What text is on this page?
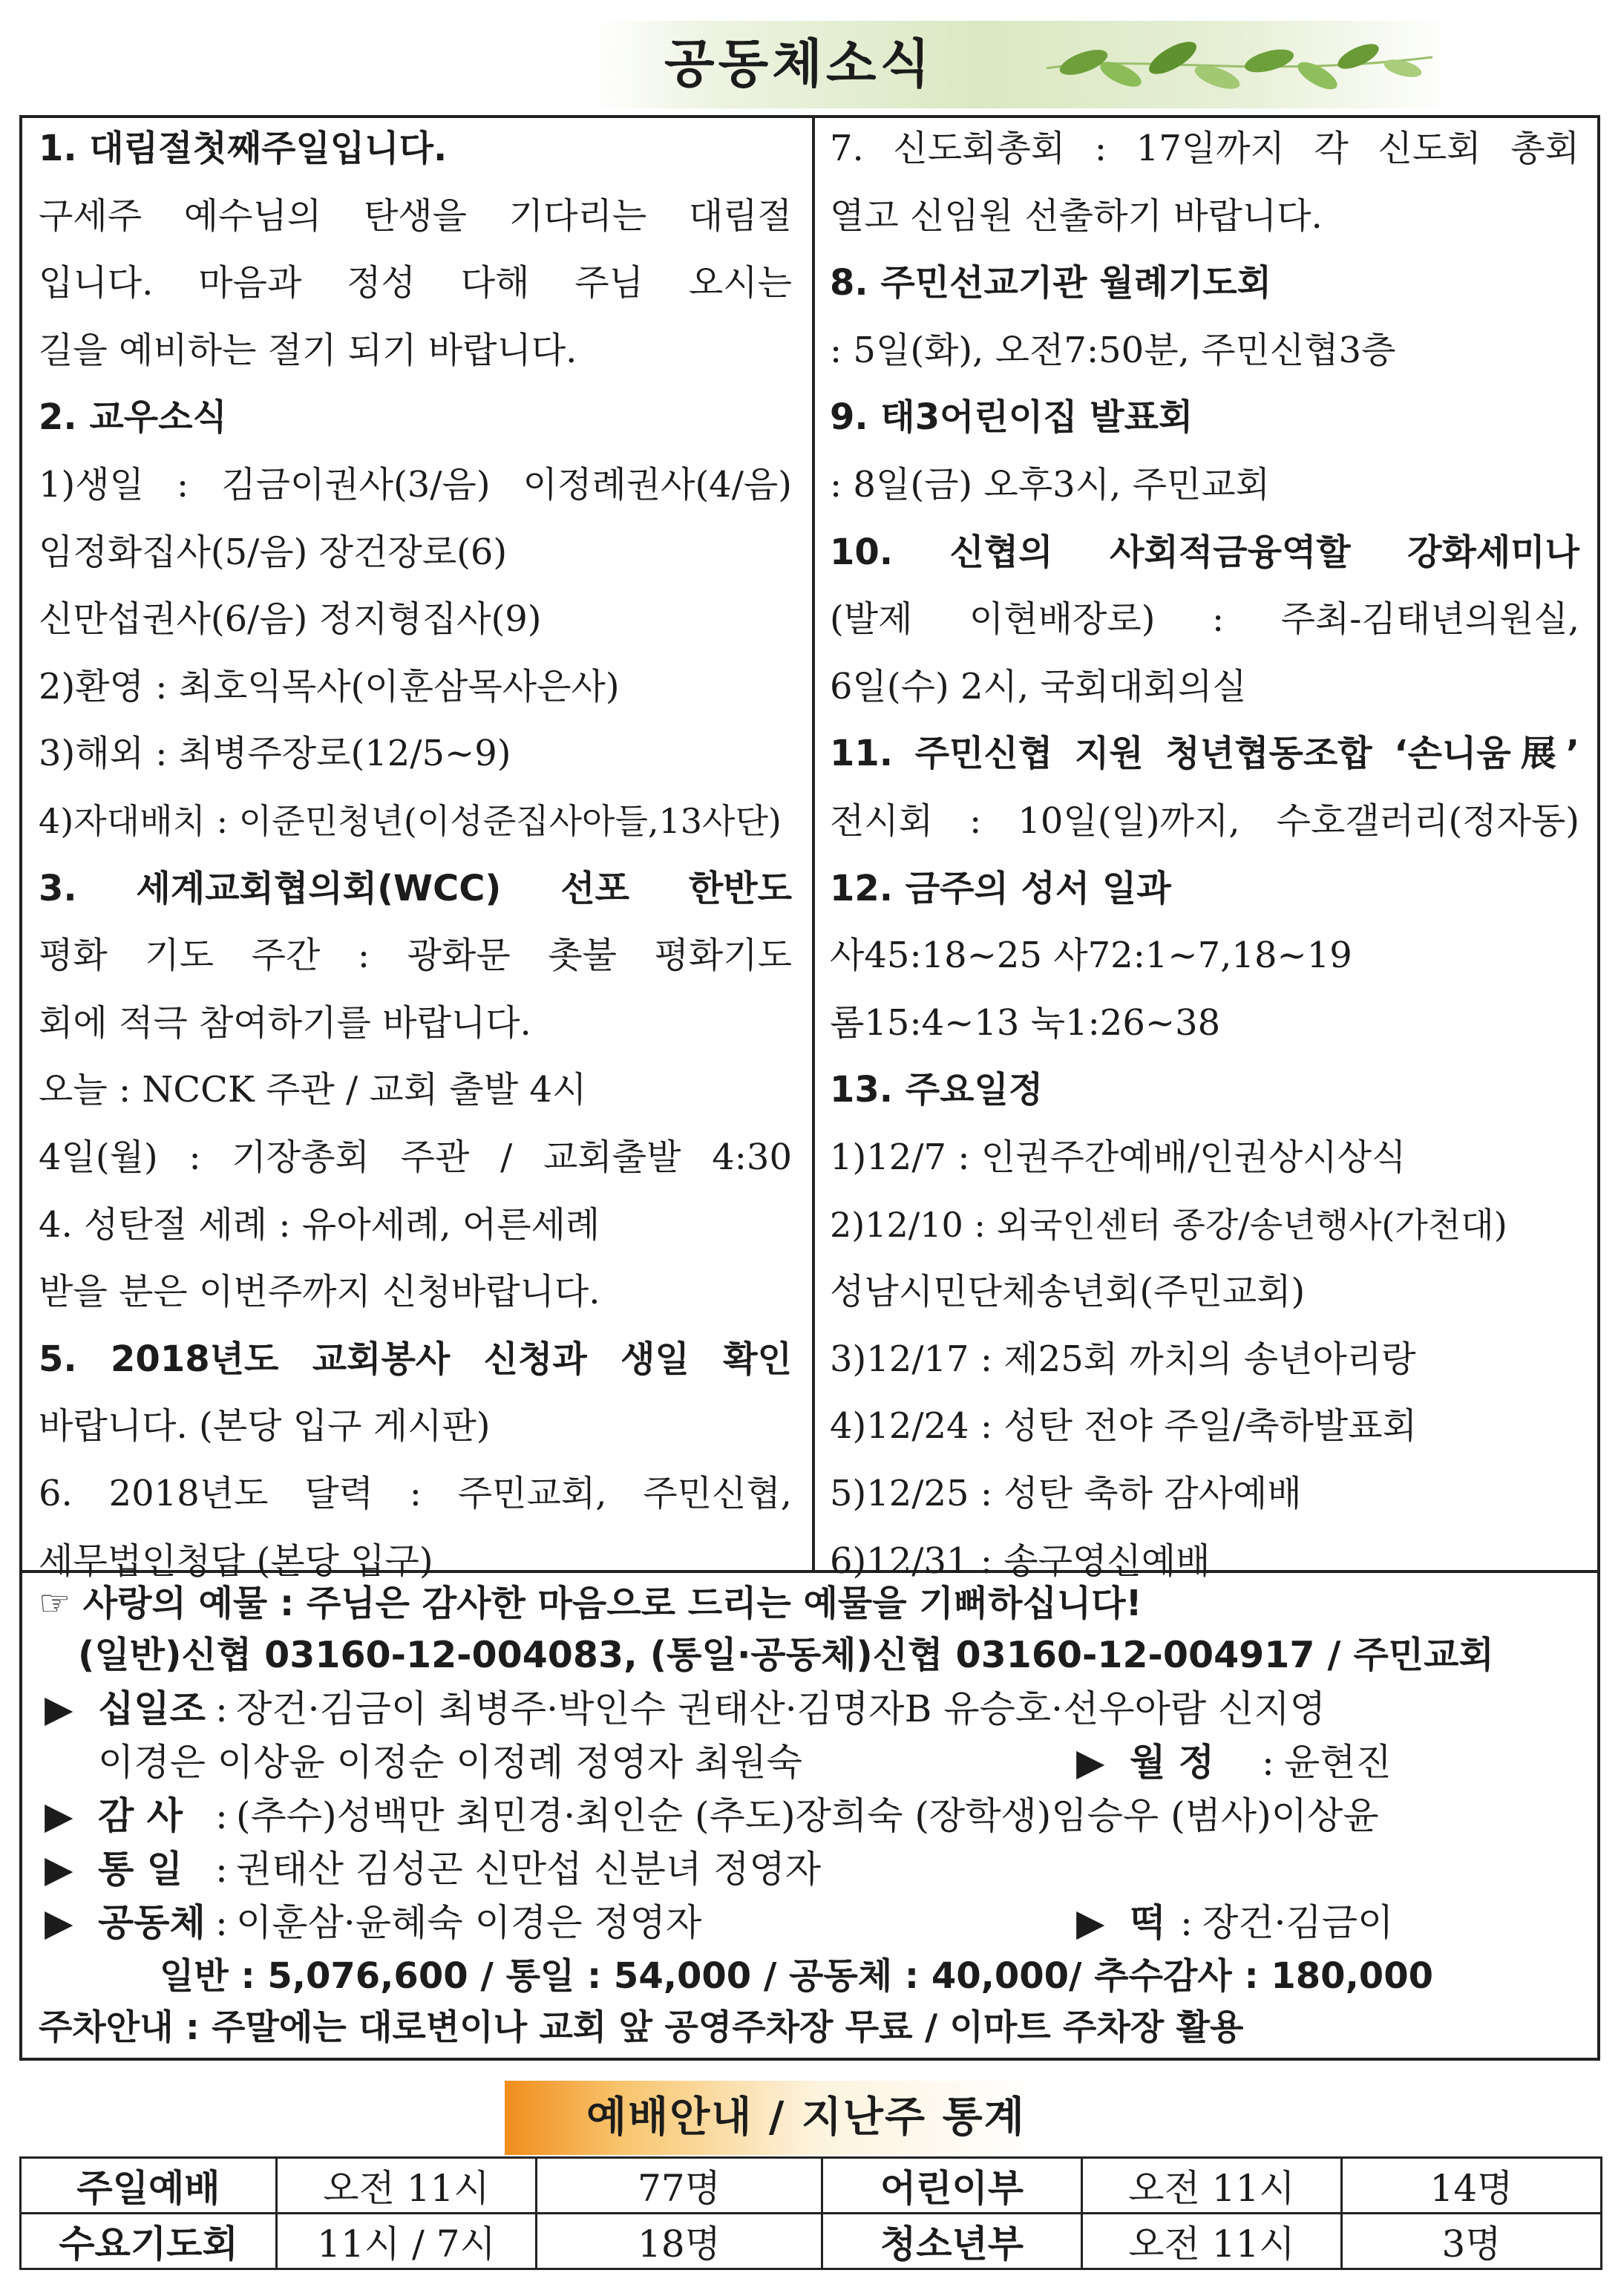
공동체소식
1. 대림절첫째주일입니다.
구세주 예수님의 탄생을 기다리는 대림절
입니다. 마음과 정성 다해 주님 오시는
길을 예비하는 절기 되기 바랍니다.
2. 교우소식
1)생일 : 김금이권사(3/음) 이정례권사(4/음)
임정화집사(5/음) 장건장로(6)
신만섭권사(6/음) 정지형집사(9)
2)환영 : 최호익목사(이훈삼목사은사)
3)해외 : 최병주장로(12/5~9)
4)자대배치 : 이준민청년(이성준집사아들,13사단)
3. 세계교회협의회(WCC) 선포 한반도
평화 기도 주간 : 광화문 촛불 평화기도
회에 적극 참여하기를 바랍니다.
오늘 : NCCK 주관 / 교회 출발 4시
4일(월) : 기장총회 주관 / 교회출발 4:30
4. 성탄절 세례 : 유아세례, 어른세례
받을 분은 이번주까지 신청바랍니다.
5. 2018년도 교회봉사 신청과 생일 확인
바랍니다. (본당 입구 게시판)
6. 2018년도 달력 : 주민교회, 주민신협,
세무법인청담 (본당 입구)
7. 신도회총회 : 17일까지 각 신도회 총회
열고 신임원 선출하기 바랍니다.
8. 주민선교기관 월례기도회
: 5일(화), 오전7:50분, 주민신협3층
9. 태3어린이집 발표회
: 8일(금) 오후3시, 주민교회
10. 신협의 사회적금융역할 강화세미나
(발제 이현배장로) : 주최-김태년의원실,
6일(수) 2시, 국회대회의실
11. 주민신협 지원 청년협동조합 ‘손니움展’
전시회 : 10일(일)까지, 수호갤러리(정자동)
12. 금주의 성서 일과
사45:18~25 사72:1~7,18~19
롬15:4~13 눅1:26~38
13. 주요일정
1)12/7 : 인권주간예배/인권상시상식
2)12/10 : 외국인센터 종강/송년행사(가천대)
성남시민단체송년회(주민교회)
3)12/17 : 제25회 까치의 송년아리랑
4)12/24 : 성탄 전야 주일/축하발표회
5)12/25 : 성탄 축하 감사예배
6)12/31 : 송구영신예배
☞ 사랑의 예물 : 주님은 감사한 마음으로 드리는 예물을 기뻐하십니다!
(일반)신협 03160-12-004083, (통일·공동체)신협 03160-12-004917 / 주민교회
▶ 십일조 : 장건·김금이 최병주·박인수 권태산·김명자B 유승호·선우아람 신지영
이경은 이상윤 이정순 이정례 정영자 최원숙	▶ 월 정 : 윤현진
▶ 감 사 : (추수)성백만 최민경·최인순 (추도)장희숙 (장학생)임승우 (범사)이상윤
▶ 통 일 : 권태산 김성곤 신만섭 신분녀 정영자
▶ 공동체 : 이훈삼·윤혜숙 이경은 정영자	▶ 떡 : 장건·김금이
일반 : 5,076,600 / 통일 : 54,000 / 공동체 : 40,000/ 추수감사 : 180,000
주차안내 : 주말에는 대로변이나 교회 앞 공영주차장 무료 / 이마트 주차장 활용
예배안내 / 지난주 통계
주일예배	오전 11시	77명	어린이부	오전 11시	14명
수요기도회	11시 / 7시	18명	청소년부	오전 11시	3명
